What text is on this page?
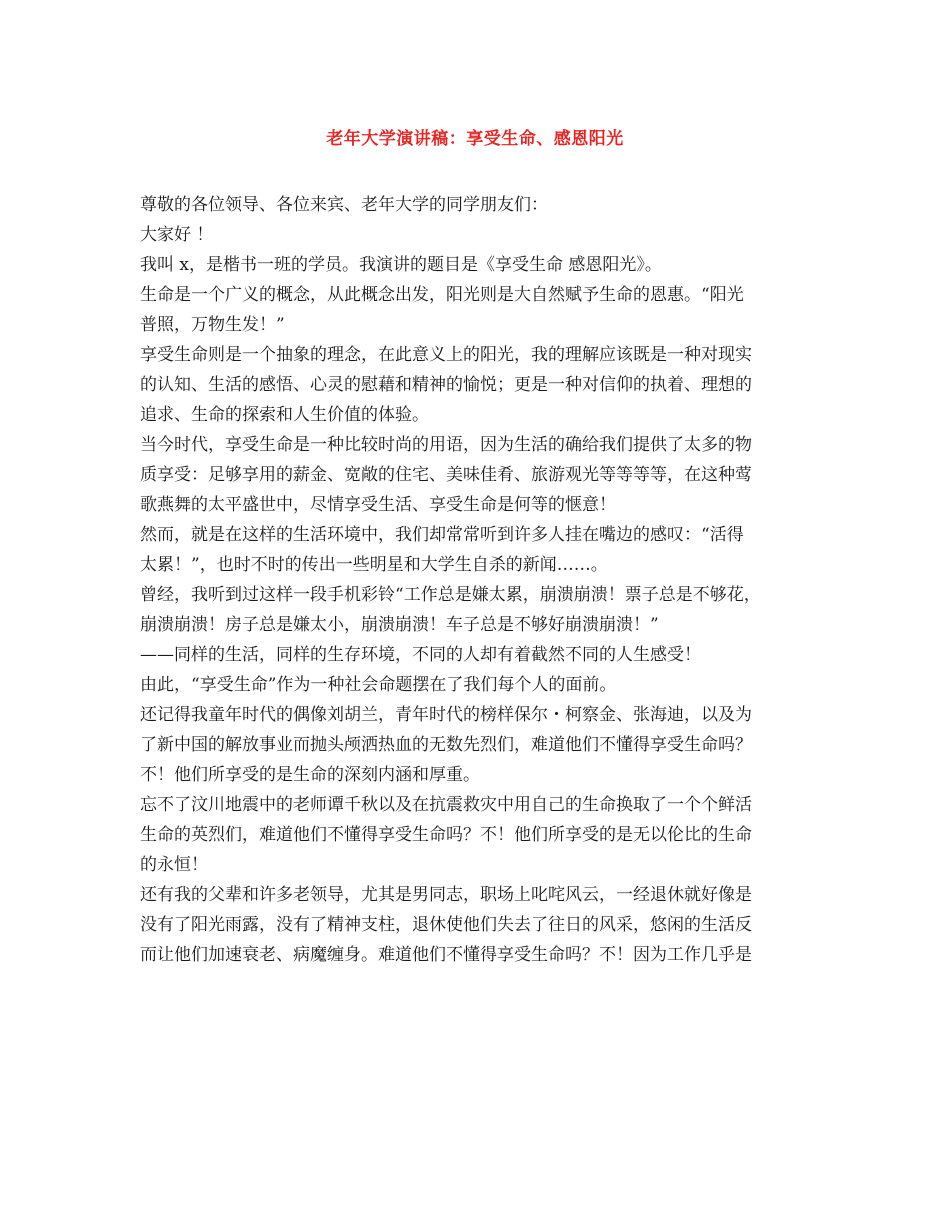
老年大学演讲稿：享受生命、感恩阳光
尊敬的各位领导、各位来宾、老年大学的同学朋友们：
大家好 ！
我叫 x，是楷书一班的学员。我演讲的题目是《享受生命 感恩阳光》。
生命是一个广义的概念，从此概念出发，阳光则是大自然赋予生命的恩惠。“阳光
普照，万物生发！”
享受生命则是一个抽象的理念，在此意义上的阳光，我的理解应该既是一种对现实
的认知、生活的感悟、心灵的慰藉和精神的愉悦；更是一种对信仰的执着、理想的
追求、生命的探索和人生价值的体验。
当今时代，享受生命是一种比较时尚的用语，因为生活的确给我们提供了太多的物
质享受：足够享用的薪金、宽敞的住宅、美味佳肴、旅游观光等等等等，在这种莺
歌燕舞的太平盛世中，尽情享受生活、享受生命是何等的惬意！
然而，就是在这样的生活环境中，我们却常常听到许多人挂在嘴边的感叹：“活得
太累！”，也时不时的传出一些明星和大学生自杀的新闻……。
曾经，我听到过这样一段手机彩铃“工作总是嫌太累，崩溃崩溃！票子总是不够花，
崩溃崩溃！房子总是嫌太小，崩溃崩溃！车子总是不够好崩溃崩溃！”
——同样的生活，同样的生存环境，不同的人却有着截然不同的人生感受！
由此，“享受生命”作为一种社会命题摆在了我们每个人的面前。
还记得我童年时代的偶像刘胡兰，青年时代的榜样保尔・柯察金、张海迪，以及为
了新中国的解放事业而抛头颅洒热血的无数先烈们，难道他们不懂得享受生命吗？
不！他们所享受的是生命的深刻内涵和厚重。
忘不了汶川地震中的老师谭千秋以及在抗震救灾中用自己的生命换取了一个个鲜活
生命的英烈们，难道他们不懂得享受生命吗？不！他们所享受的是无以伦比的生命
的永恒！
还有我的父辈和许多老领导，尤其是男同志，职场上叱咤风云，一经退休就好像是
没有了阳光雨露，没有了精神支柱，退休使他们失去了往日的风采，悠闲的生活反
而让他们加速衰老、病魔缠身。难道他们不懂得享受生命吗？不！因为工作几乎是
